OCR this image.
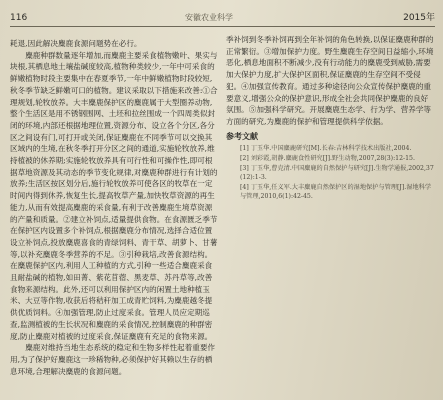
116	安徽农业科学	2015年

耗退,因此解决麋鹿食源问题势在必行。

麋鹿种群数量逐年增加,而麋鹿主要采食植物嫩叶、果实与块根,其栖息地土壤盐碱度较高,植物种类较少,一年中可采食的鲜嫩植物时段主要集中在春夏季节,一年中鲜嫩植物时段较短,秋冬季节缺乏鲜嫩可口的植物。建议采取以下措施来改善:①合理规划,轮牧放养。大丰麋鹿保护区的麋鹿属于大型圈养动物,整个生活区是用不锈钢围网、土坯和拉丝围成一个四周类似封闭的环境,内部还根据地理位置,资源分布、设立各个分区,各分区之间设有门,可打开或关闭,保证麋鹿在不同季节可以交换其区域内的生境,在秋冬季打开分区之间的通道,实施轮牧放养,维持植被的休养期;实施轮牧放养具有可行性和可操作性,即可根据草地资源及其动态的季节变化规律,对麋鹿种群进行有计划的放养;生活区按区划分后,施行轮牧放养可使各区的牧草在一定时间内得到休养,恢复生长,提高牧草产量,加快牧草资源的再生能力,从而有效提高麋鹿的采食量,有利于改善麋鹿生境草资源的产量和质量。②建立补饲点,适量提供食物。在食源匮乏季节在保护区内设置多个补饲点,根据麋鹿分布情况,选择合适位置设立补饲点,投放麋鹿喜食的青绿饲料、青干草、胡萝卜、甘薯等,以补充麋鹿冬季营养的不足。③引种栽培,改善食源结构。在麋鹿保护区内,利用人工种植的方式,引种一些适合麋鹿采食且耐盐碱的植物,如田菁、紫花苜蓿、黑麦草、苏丹草等,改善食物来源结构。此外,还可以利用保护区内的闲置土地种植玉米、大豆等作物,收获后将秸秆加工成青贮饲料,为麋鹿越冬提供优质饲料。④加强管理,防止过度采食。管理人员应定期巡查,监测植被的生长状况和麋鹿的采食情况,控制麋鹿的种群密度,防止麋鹿对植被的过度采食,保证麋鹿有充足的食物来源。

麋鹿对维持当地生态系统的稳定和生物多样性起着重要作用,为了保护好麋鹿这一珍稀物种,必须保护好其赖以生存的栖息环境,合理解决麋鹿的食源问题。

季补饲到冬季补饲再到全年补饲的角色转换,以保证麋鹿种群的正常繁衍。③增加保护力度。野生麋鹿生存空间日益缩小,环境恶化,栖息地面积不断减少,没有行动能力的麋鹿受到威胁,需要加大保护力度,扩大保护区面积,保证麋鹿的生存空间不受侵犯。④加强宣传教育。通过多种途径向公众宣传保护麋鹿的重要意义,增强公众的保护意识,形成全社会共同保护麋鹿的良好氛围。⑤加强科学研究。开展麋鹿生态学、行为学、营养学等方面的研究,为麋鹿的保护和管理提供科学依据。

参考文献

[1] 丁玉华.中国麋鹿研究[M].长春:吉林科学技术出版社,2004.

[2] 刘彩霞,胡静.麋鹿食性研究[J].野生动物,2007,28(3):12-15.

[3] 丁玉华,曹克清.中国麋鹿的自然保护与研究[J].生物学通报,2002,37(12):1-3.

[4] 丁玉华,任义军.大丰麋鹿自然保护区的湿地保护与管理[J].湿地科学与管理,2010,6(1):42-45.
